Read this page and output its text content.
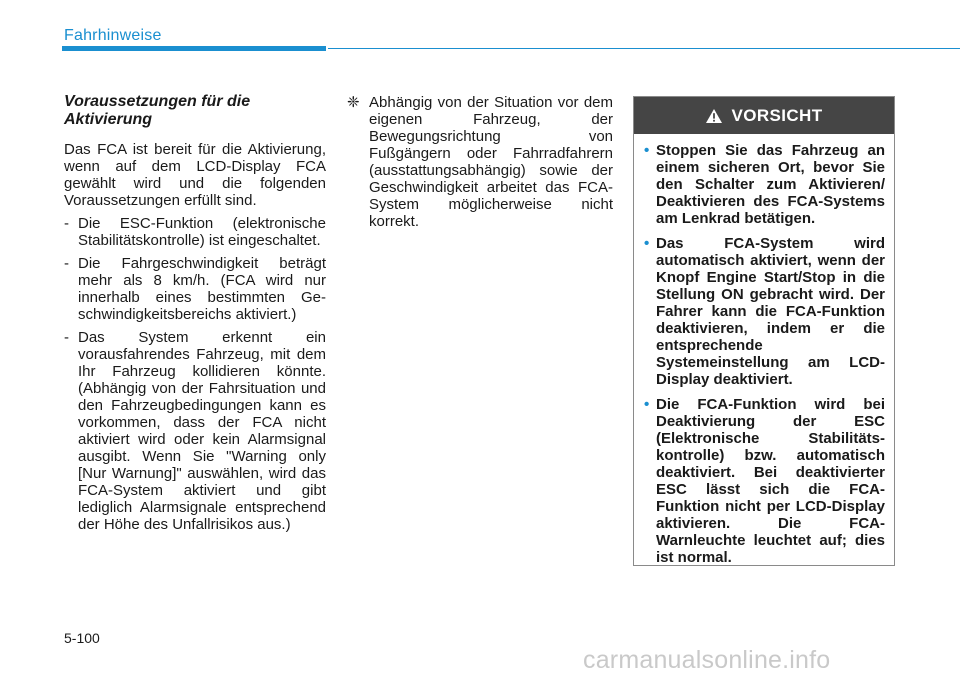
Fahrhinweise
Voraussetzungen für die Aktivierung
Das FCA ist bereit für die Aktivierung, wenn auf dem LCD-Display FCA gewählt wird und die folgenden Voraussetzungen erfüllt sind.
- Die ESC-Funktion (elektronische Stabilitätskontrolle) ist eingeschaltet.
- Die Fahrgeschwindigkeit beträgt mehr als 8 km/h. (FCA wird nur innerhalb eines bestimmten Geschwindigkeitsbereichs aktiviert.)
- Das System erkennt ein vorausfahrendes Fahrzeug, mit dem Ihr Fahrzeug kollidieren könnte. (Abhängig von der Fahrsituation und den Fahrzeugbedingungen kann es vorkommen, dass der FCA nicht aktiviert wird oder kein Alarmsignal ausgibt. Wenn Sie "Warning only [Nur Warnung]" auswählen, wird das FCA-System aktiviert und gibt lediglich Alarmsignale entsprechend der Höhe des Unfallrisikos aus.)
❈ Abhängig von der Situation vor dem eigenen Fahrzeug, der Bewegungsrichtung von Fußgängern oder Fahrradfahrern (ausstattungsabhängig) sowie der Geschwindigkeit arbeitet das FCA-System möglicherweise nicht korrekt.
VORSICHT
• Stoppen Sie das Fahrzeug an einem sicheren Ort, bevor Sie den Schalter zum Aktivieren/ Deaktivieren des FCA-Systems am Lenkrad betätigen.
• Das FCA-System wird automatisch aktiviert, wenn der Knopf Engine Start/Stop in die Stellung ON gebracht wird. Der Fahrer kann die FCA-Funktion deaktivieren, indem er die entsprechende Systemeinstellung am LCD-Display deaktiviert.
• Die FCA-Funktion wird bei Deaktivierung der ESC (Elektronische Stabilitätskontrolle) bzw. automatisch deaktiviert. Bei deaktivierter ESC lässt sich die FCA-Funktion nicht per LCD-Display aktivieren. Die FCA-Warnleuchte leuchtet auf; dies ist normal.
5-100
carmanualsonline.info
